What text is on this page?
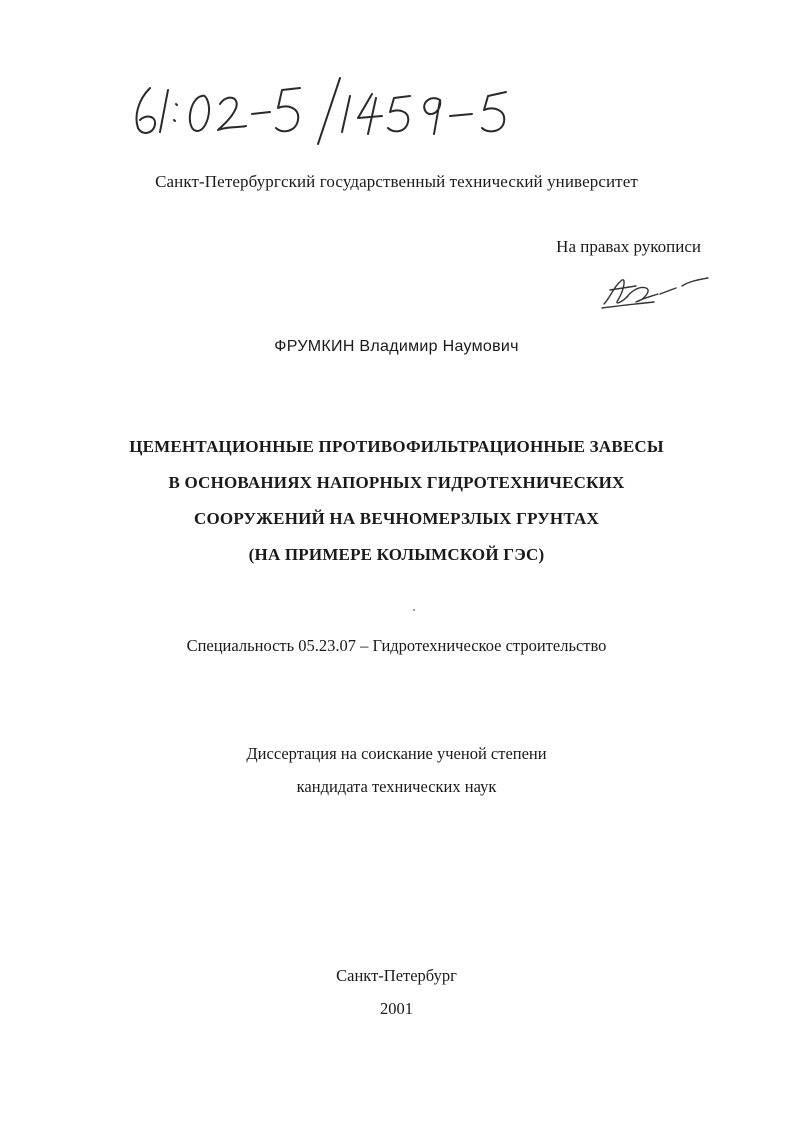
Санкт-Петербургский государственный технический университет
На правах рукописи
ФРУМКИН Владимир Наумович
ЦЕМЕНТАЦИОННЫЕ ПРОТИВОФИЛЬТРАЦИОННЫЕ ЗАВЕСЫ
В ОСНОВАНИЯХ НАПОРНЫХ ГИДРОТЕХНИЧЕСКИХ
СООРУЖЕНИЙ НА ВЕЧНОМЕРЗЛЫХ ГРУНТАХ
(НА ПРИМЕРЕ КОЛЫМСКОЙ ГЭС)
Специальность 05.23.07 – Гидротехническое строительство
Диссертация на соискание ученой степени
кандидата технических наук
Санкт-Петербург
2001
